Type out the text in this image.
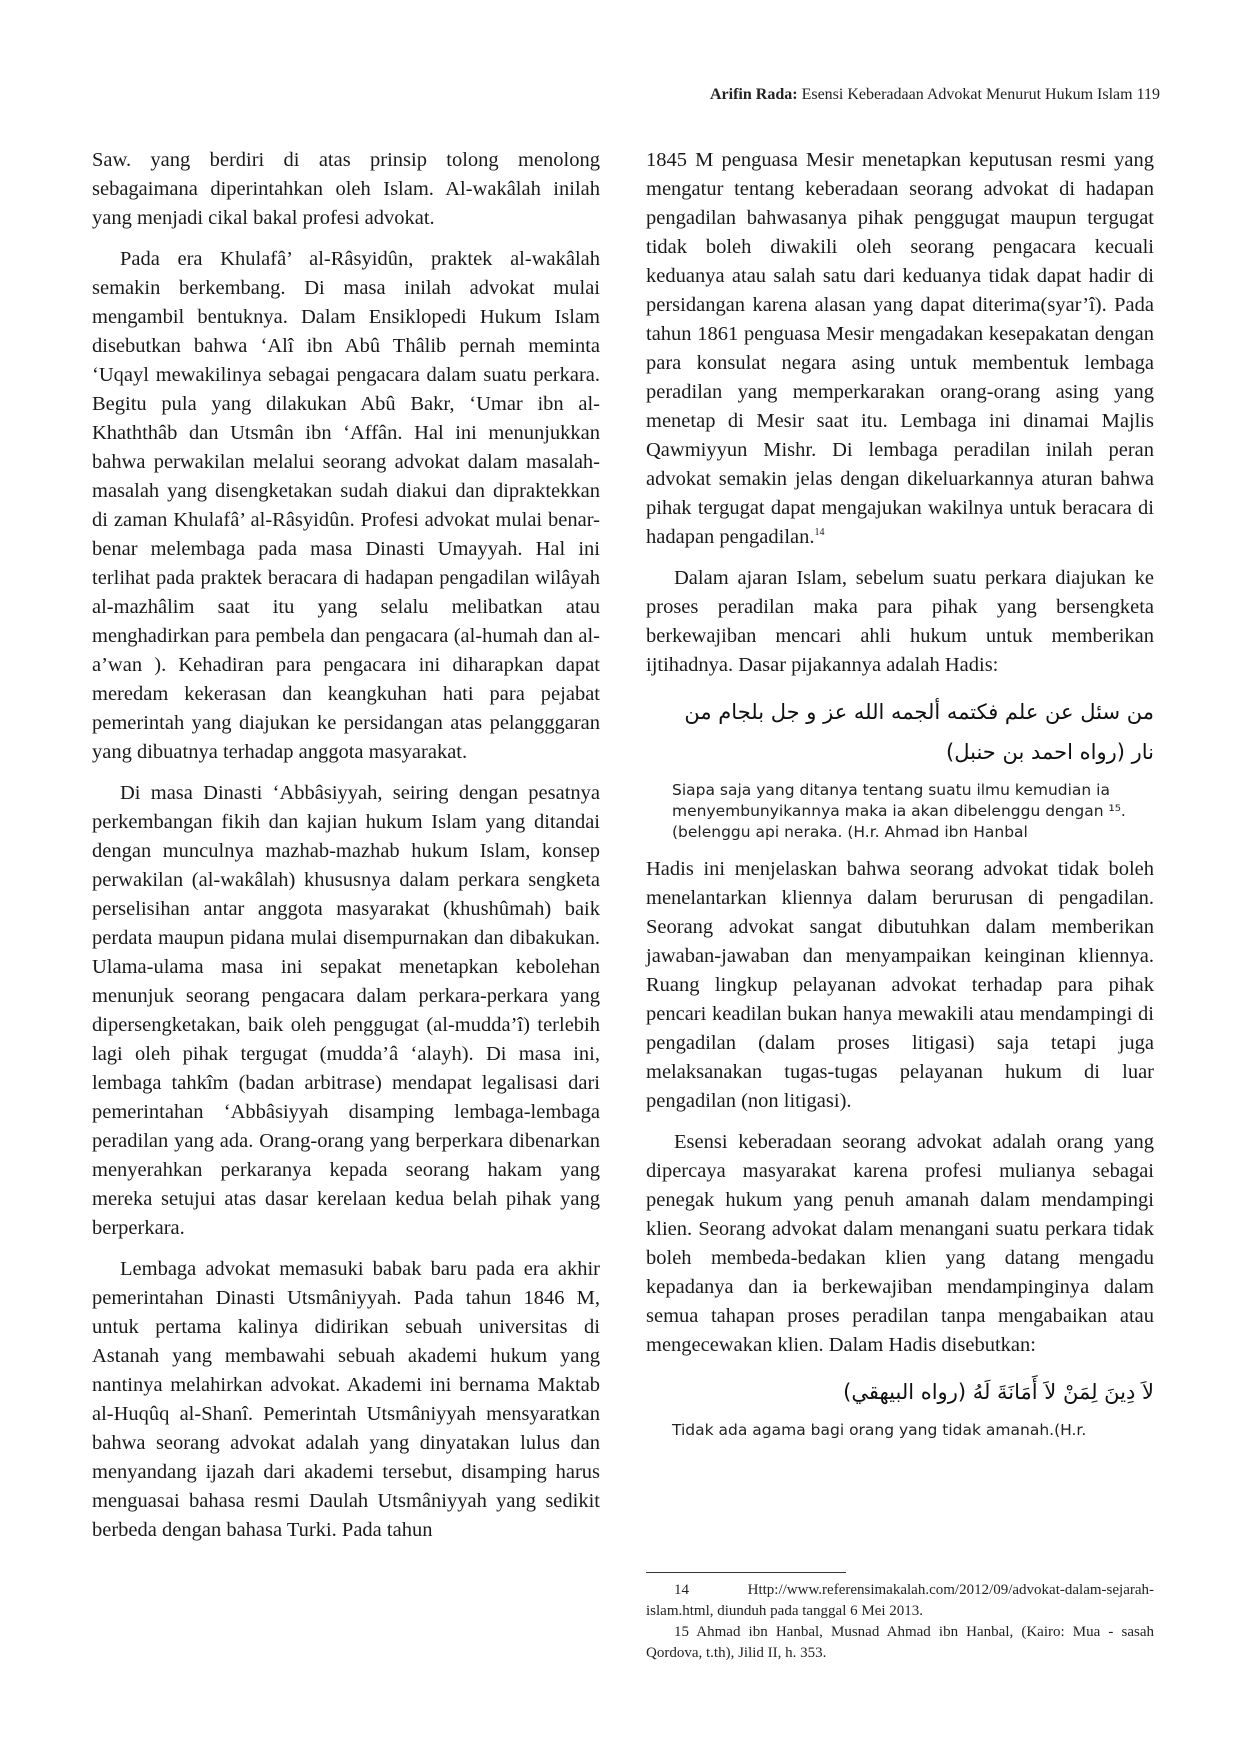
Arifin Rada: Esensi Keberadaan Advokat Menurut Hukum Islam 119

Saw. yang berdiri di atas prinsip tolong menolong sebagaimana diperintahkan oleh Islam. Al-wakâlah inilah yang menjadi cikal bakal profesi advokat.

Pada era Khulafâ’ al-Râsyidûn, praktek al-wakâlah semakin berkembang. Di masa inilah advokat mulai mengambil bentuknya. Dalam Ensiklopedi Hukum Islam disebutkan bahwa ‘Alî ibn Abû Thâlib pernah meminta ‘Uqayl mewakilinya sebagai pengacara dalam suatu perkara. Begitu pula yang dilakukan Abû Bakr, ‘Umar ibn al-Khaththâb dan Utsmân ibn ‘Affân. Hal ini menunjukkan bahwa perwakilan melalui seorang advokat dalam masalah-masalah yang disengketakan sudah diakui dan dipraktekkan di zaman Khulafâ’ al-Râsyidûn. Profesi advokat mulai benar-benar melembaga pada masa Dinasti Umayyah. Hal ini terlihat pada praktek beracara di hadapan pengadilan wilâyah al-mazhâlim saat itu yang selalu melibatkan atau menghadirkan para pembela dan pengacara (al-humah dan al-a’wan ). Kehadiran para pengacara ini diharapkan dapat meredam kekerasan dan keangkuhan hati para pejabat pemerintah yang diajukan ke persidangan atas pelangggaran yang dibuatnya terhadap anggota masyarakat.

Di masa Dinasti ‘Abbâsiyyah, seiring dengan pesatnya perkembangan fikih dan kajian hukum Islam yang ditandai dengan munculnya mazhab-mazhab hukum Islam, konsep perwakilan (al-wakâlah) khususnya dalam perkara sengketa perselisihan antar anggota masyarakat (khushûmah) baik perdata maupun pidana mulai disempurnakan dan dibakukan. Ulama-ulama masa ini sepakat menetapkan kebolehan menunjuk seorang pengacara dalam perkara-perkara yang dipersengketakan, baik oleh penggugat (al-mudda’î) terlebih lagi oleh pihak tergugat (mudda’â ‘alayh). Di masa ini, lembaga tahkîm (badan arbitrase) mendapat legalisasi dari pemerintahan ‘Abbâsiyyah disamping lembaga-lembaga peradilan yang ada. Orang-orang yang berperkara dibenarkan menyerahkan perkaranya kepada seorang hakam yang mereka setujui atas dasar kerelaan kedua belah pihak yang berperkara.

Lembaga advokat memasuki babak baru pada era akhir pemerintahan Dinasti Utsmâniyyah. Pada tahun 1846 M, untuk pertama kalinya didirikan sebuah universitas di Astanah yang membawahi sebuah akademi hukum yang nantinya melahirkan advokat. Akademi ini bernama Maktab al-Huqûq al-Shanî. Pemerintah Utsmâniyyah mensyaratkan bahwa seorang advokat adalah yang dinyatakan lulus dan menyandang ijazah dari akademi tersebut, disamping harus menguasai bahasa resmi Daulah Utsmâniyyah yang sedikit berbeda dengan bahasa Turki. Pada tahun

1845 M penguasa Mesir menetapkan keputusan resmi yang mengatur tentang keberadaan seorang advokat di hadapan pengadilan bahwasanya pihak penggugat maupun tergugat tidak boleh diwakili oleh seorang pengacara kecuali keduanya atau salah satu dari keduanya tidak dapat hadir di persidangan karena alasan yang dapat diterima(syar’î). Pada tahun 1861 penguasa Mesir mengadakan kesepakatan dengan para konsulat negara asing untuk membentuk lembaga peradilan yang memperkarakan orang-orang asing yang menetap di Mesir saat itu. Lembaga ini dinamai Majlis Qawmiyyun Mishr. Di lembaga peradilan inilah peran advokat semakin jelas dengan dikeluarkannya aturan bahwa pihak tergugat dapat mengajukan wakilnya untuk beracara di hadapan pengadilan.$^{14}$

Dalam ajaran Islam, sebelum suatu perkara diajukan ke proses peradilan maka para pihak yang bersengketa berkewajiban mencari ahli hukum untuk memberikan ijtihadnya. Dasar pijakannya adalah Hadis:

من سئل عن علم فكتمه ألجمه الله عز و جل بلجام من
نار (رواه احمد بن حنبل)
Siapa saja yang ditanya tentang suatu ilmu kemudian ia menyembunyikannya maka ia akan dibelenggu dengan ¹⁵.(belenggu api neraka. (H.r. Ahmad ibn Hanbal

Hadis ini menjelaskan bahwa seorang advokat tidak boleh menelantarkan kliennya dalam berurusan di pengadilan. Seorang advokat sangat dibutuhkan dalam memberikan jawaban-jawaban dan menyampaikan keinginan kliennya. Ruang lingkup pelayanan advokat terhadap para pihak pencari keadilan bukan hanya mewakili atau mendampingi di pengadilan (dalam proses litigasi) saja tetapi juga melaksanakan tugas-tugas pelayanan hukum di luar pengadilan (non litigasi).

Esensi keberadaan seorang advokat adalah orang yang dipercaya masyarakat karena profesi mulianya sebagai penegak hukum yang penuh amanah dalam mendampingi klien. Seorang advokat dalam menangani suatu perkara tidak boleh membeda-bedakan klien yang datang mengadu kepadanya dan ia berkewajiban mendampinginya dalam semua tahapan proses peradilan tanpa mengabaikan atau mengecewakan klien. Dalam Hadis disebutkan:

لاَ دِينَ لِمَنْ لاَ أَمَانَةَ لَهُ (رواه البيهقي)
Tidak ada agama bagi orang yang tidak amanah.(H.r.

14 Http://www.referensimakalah.com/2012/09/advokat-dalam-sejarah-islam.html, diunduh pada tanggal 6 Mei 2013.

15 Ahmad ibn Hanbal, Musnad Ahmad ibn Hanbal, (Kairo: Mua - sasah Qordova, t.th), Jilid II, h. 353.
